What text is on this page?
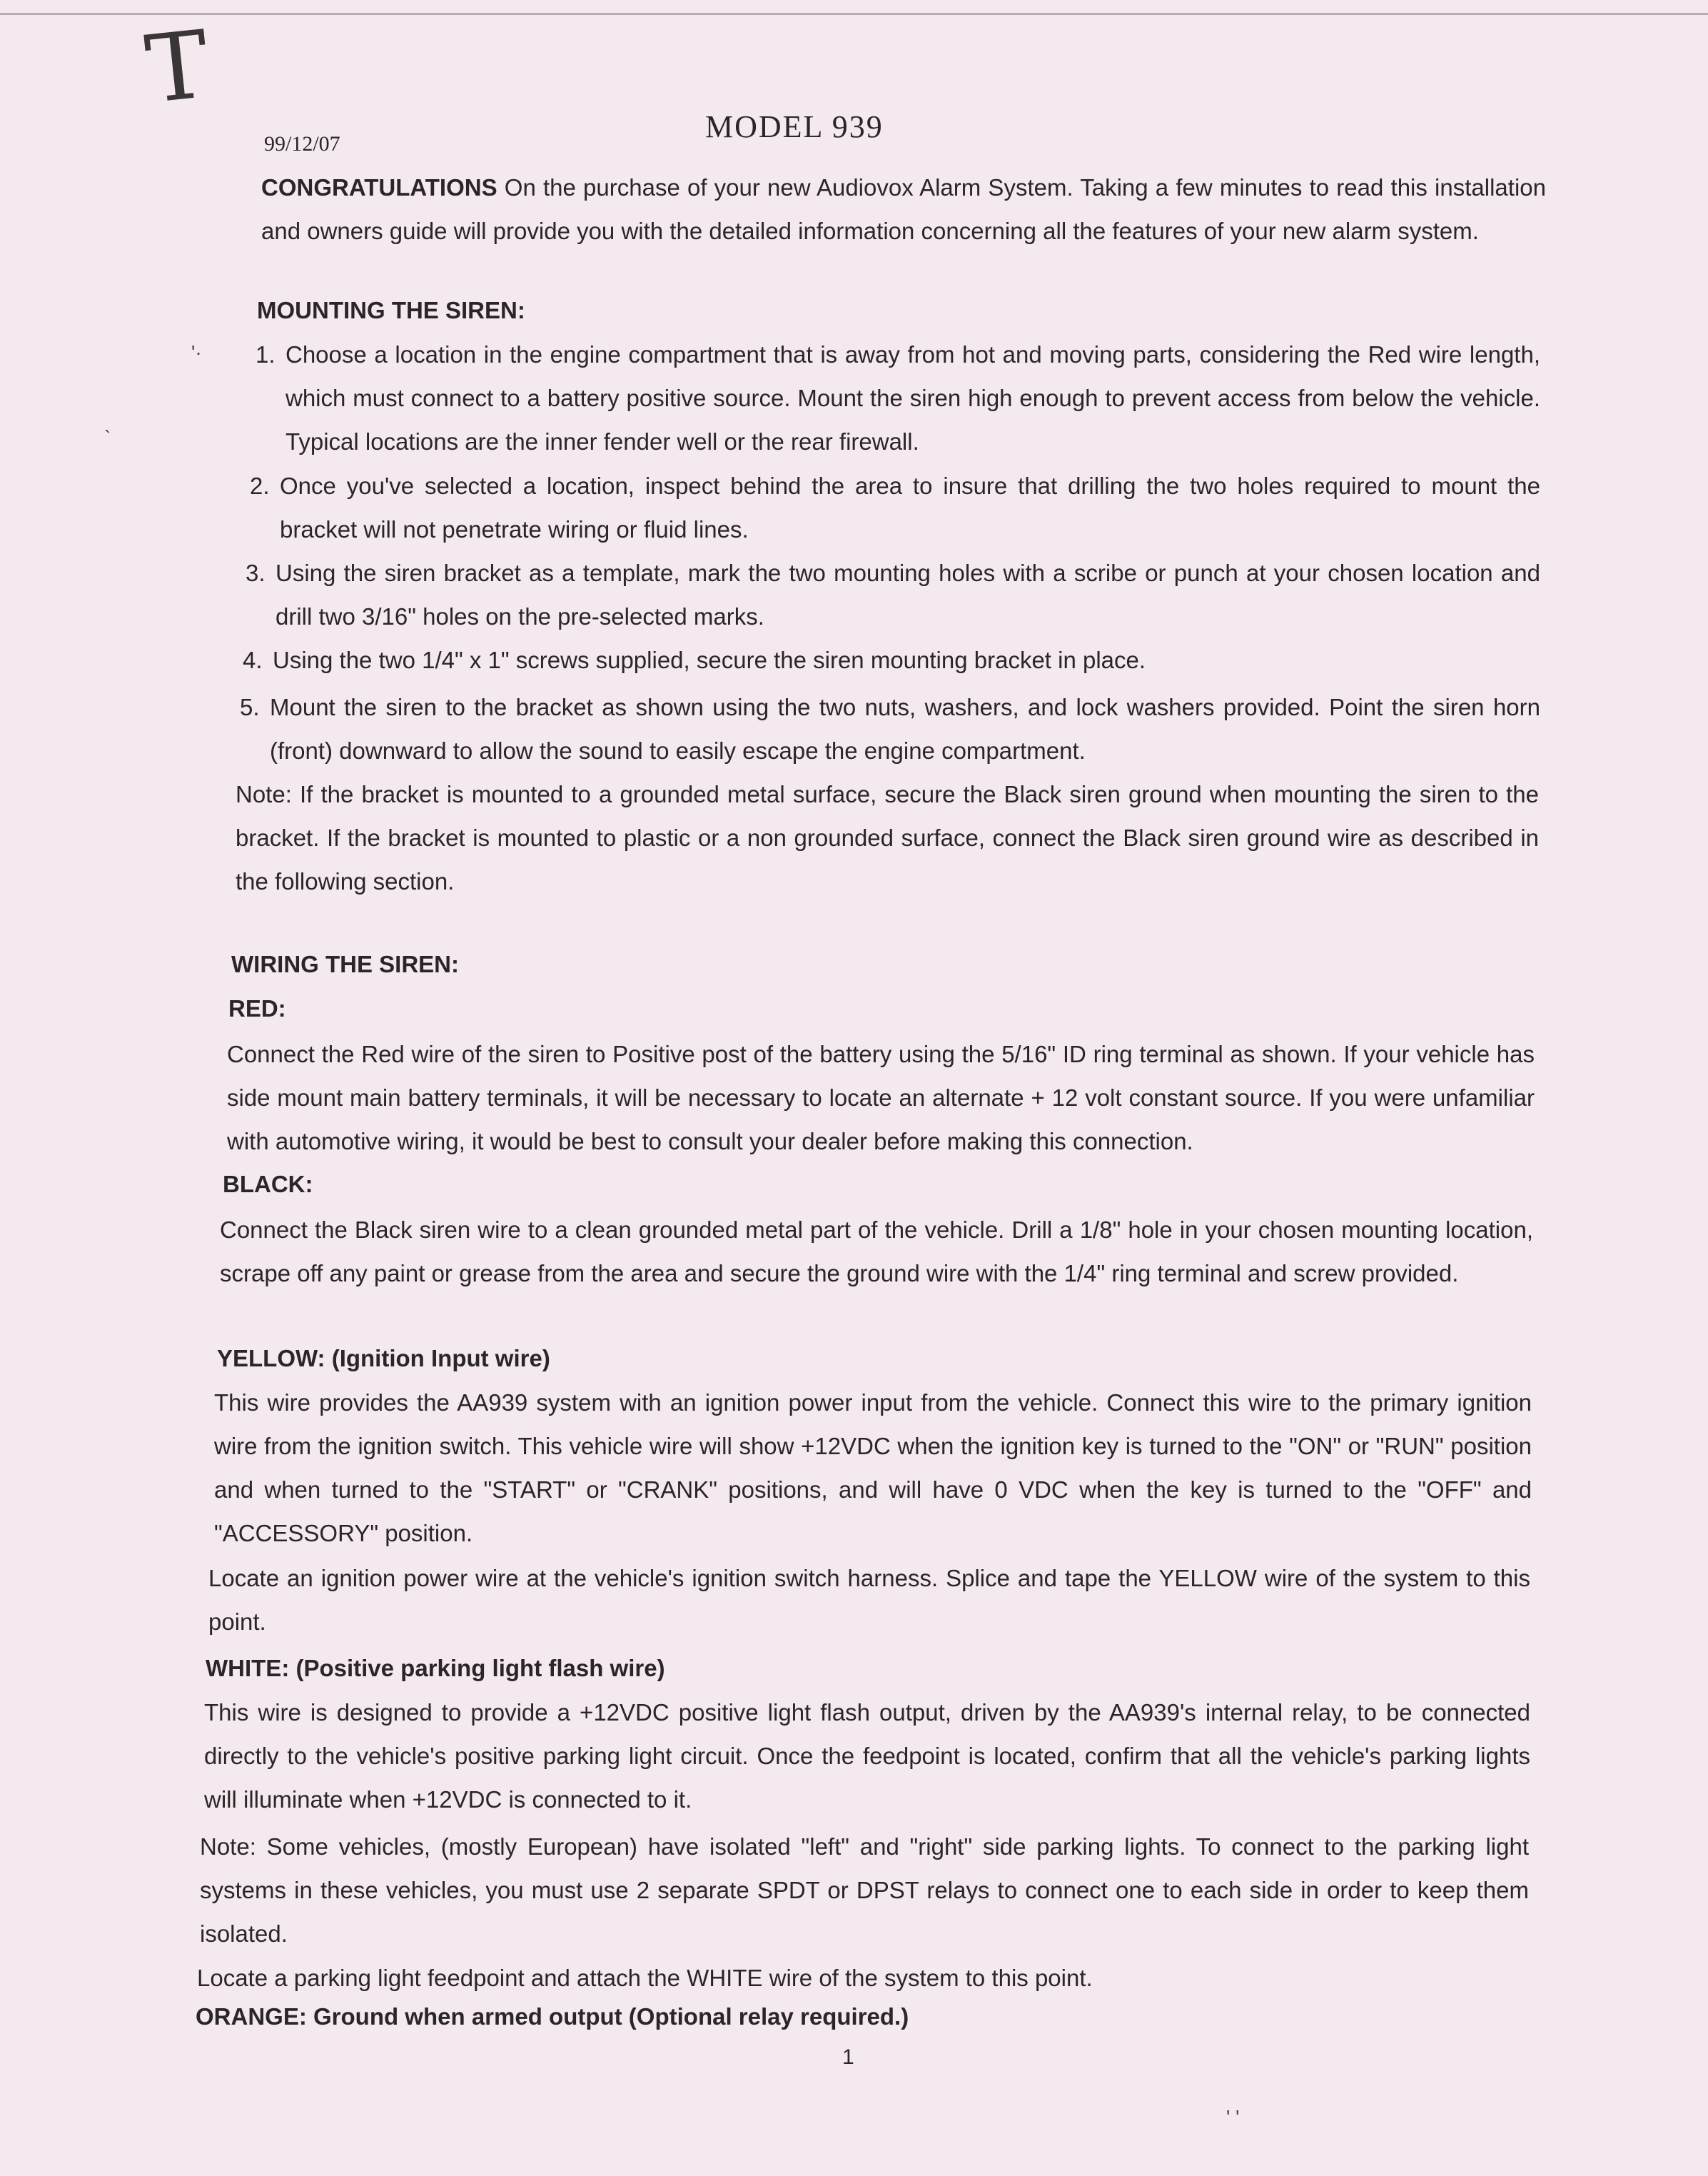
T
99/12/07	MODEL 939

CONGRATULATIONS On the purchase of your new Audiovox Alarm System. Taking a few minutes to read this installation and owners guide will provide you with the detailed information concerning all the features of your new alarm system.

MOUNTING THE SIREN:
1. Choose a location in the engine compartment that is away from hot and moving parts, considering the Red wire length, which must connect to a battery positive source. Mount the siren high enough to prevent access from below the vehicle. Typical locations are the inner fender well or the rear firewall.
2. Once you've selected a location, inspect behind the area to insure that drilling the two holes required to mount the bracket will not penetrate wiring or fluid lines.
3. Using the siren bracket as a template, mark the two mounting holes with a scribe or punch at your chosen location and drill two 3/16" holes on the pre-selected marks.
4. Using the two 1/4" x 1" screws supplied, secure the siren mounting bracket in place.
5. Mount the siren to the bracket as shown using the two nuts, washers, and lock washers provided. Point the siren horn (front) downward to allow the sound to easily escape the engine compartment.

Note: If the bracket is mounted to a grounded metal surface, secure the Black siren ground when mounting the siren to the bracket. If the bracket is mounted to plastic or a non grounded surface, connect the Black siren ground wire as described in the following section.

WIRING THE SIREN:
RED:

Connect the Red wire of the siren to Positive post of the battery using the 5/16" ID ring terminal as shown. If your vehicle has side mount main battery terminals, it will be necessary to locate an alternate + 12 volt constant source. If you were unfamiliar with automotive wiring, it would be best to consult your dealer before making this connection.

BLACK:

Connect the Black siren wire to a clean grounded metal part of the vehicle. Drill a 1/8" hole in your chosen mounting location, scrape off any paint or grease from the area and secure the ground wire with the 1/4" ring terminal and screw provided.

YELLOW: (Ignition Input wire)

This wire provides the AA939 system with an ignition power input from the vehicle. Connect this wire to the primary ignition wire from the ignition switch. This vehicle wire will show +12VDC when the ignition key is turned to the "ON" or "RUN" position and when turned to the "START" or "CRANK" positions, and will have 0 VDC when the key is turned to the "OFF" and "ACCESSORY" position.

Locate an ignition power wire at the vehicle's ignition switch harness. Splice and tape the YELLOW wire of the system to this point.

WHITE: (Positive parking light flash wire)

This wire is designed to provide a +12VDC positive light flash output, driven by the AA939's internal relay, to be connected directly to the vehicle's positive parking light circuit. Once the feedpoint is located, confirm that all the vehicle's parking lights will illuminate when +12VDC is connected to it.

Note: Some vehicles, (mostly European) have isolated "left" and "right" side parking lights. To connect to the parking light systems in these vehicles, you must use 2 separate SPDT or DPST relays to connect one to each side in order to keep them isolated.

Locate a parking light feedpoint and attach the WHITE wire of the system to this point.

ORANGE: Ground when armed output (Optional relay required.)
1
'·
`
' '
